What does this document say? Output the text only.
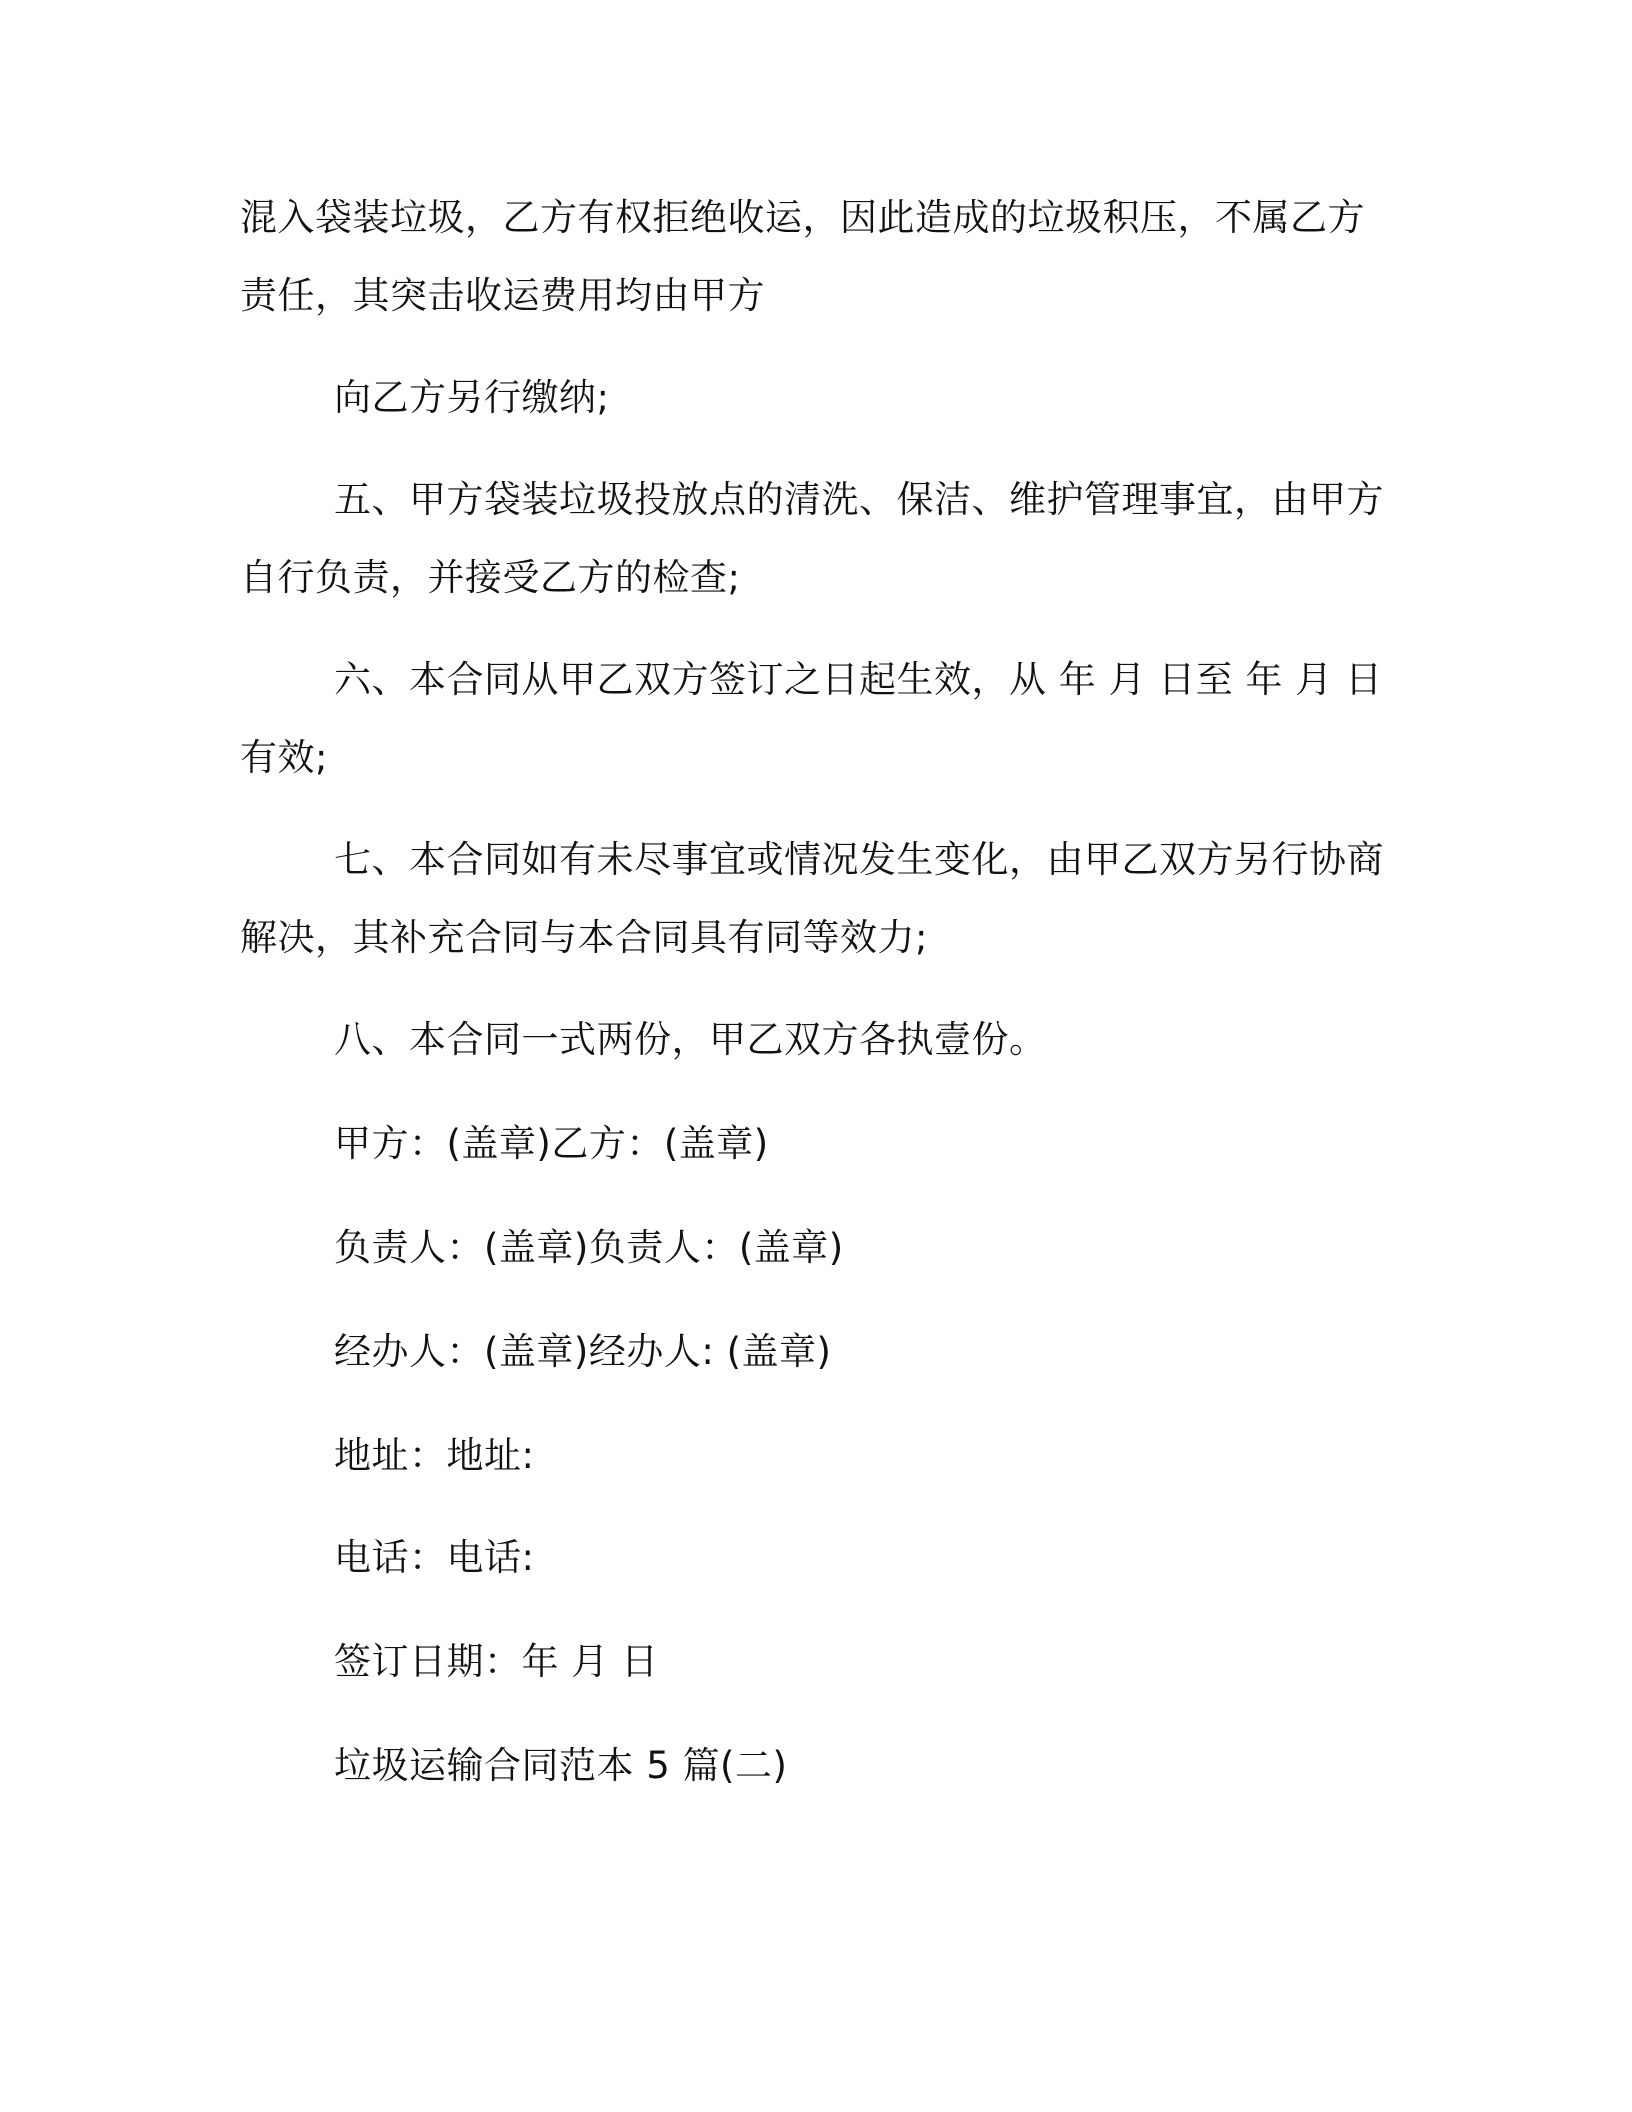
混入袋装垃圾，乙方有权拒绝收运，因此造成的垃圾积压，不属乙方
责任，其突击收运费用均由甲方
向乙方另行缴纳;
五、甲方袋装垃圾投放点的清洗、保洁、维护管理事宜，由甲方
自行负责，并接受乙方的检查;
六、本合同从甲乙双方签订之日起生效，从 年 月 日至 年 月 日
有效;
七、本合同如有未尽事宜或情况发生变化，由甲乙双方另行协商
解决，其补充合同与本合同具有同等效力;
八、本合同一式两份，甲乙双方各执壹份。
甲方：(盖章)乙方：(盖章)
负责人：(盖章)负责人：(盖章)
经办人：(盖章)经办人: (盖章)
地址：地址:
电话：电话:
签订日期：年 月 日
垃圾运输合同范本 5 篇(二)
